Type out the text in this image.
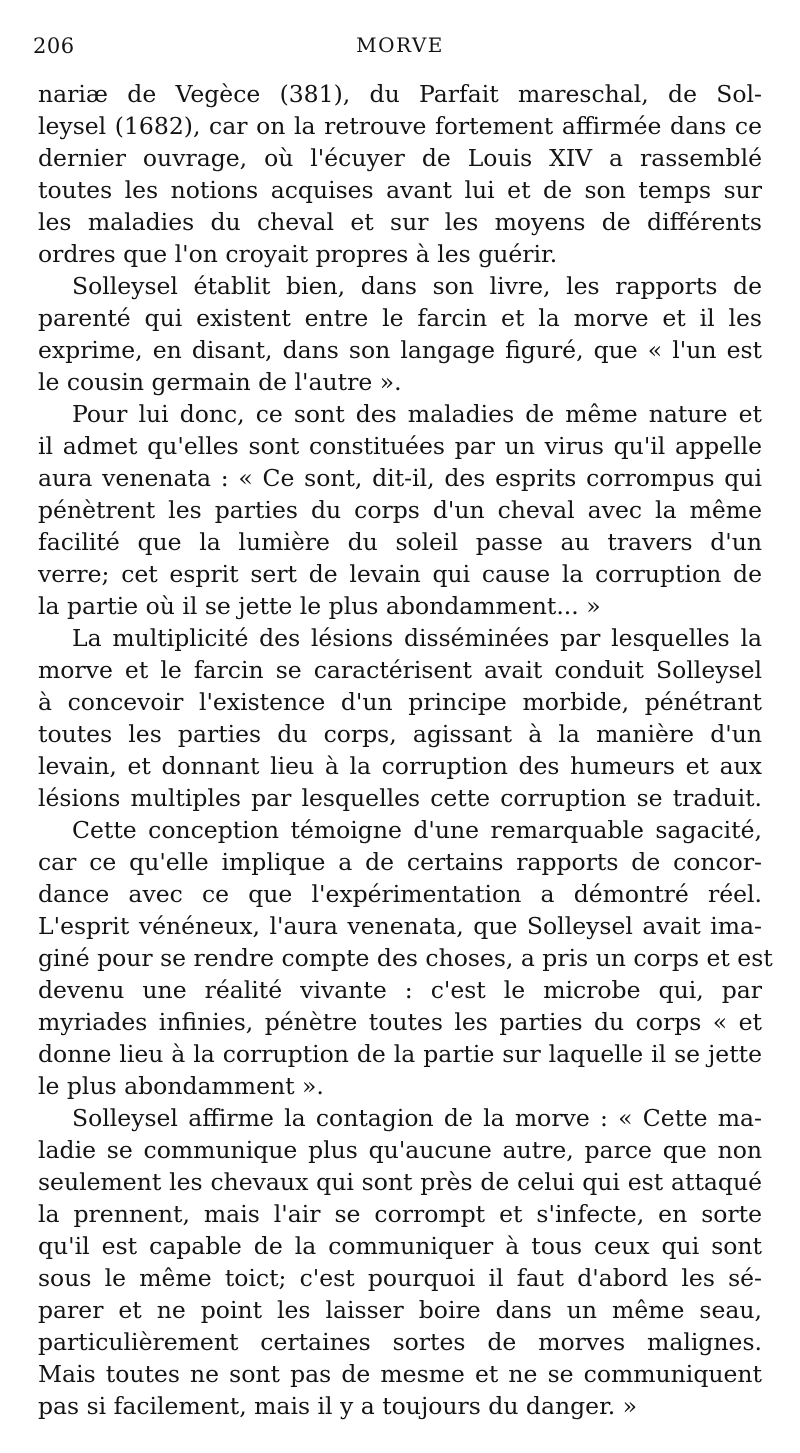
206	MORVE
nariæ de Vegèce (381), du Parfait mareschal, de Sol-
leysel (1682), car on la retrouve fortement affirmée dans ce
dernier ouvrage, où l'écuyer de Louis XIV a rassemblé
toutes les notions acquises avant lui et de son temps sur
les maladies du cheval et sur les moyens de différents
ordres que l'on croyait propres à les guérir.
Solleysel établit bien, dans son livre, les rapports de
parenté qui existent entre le farcin et la morve et il les
exprime, en disant, dans son langage figuré, que « l'un est
le cousin germain de l'autre ».
Pour lui donc, ce sont des maladies de même nature et
il admet qu'elles sont constituées par un virus qu'il appelle
aura venenata : « Ce sont, dit-il, des esprits corrompus qui
pénètrent les parties du corps d'un cheval avec la même
facilité que la lumière du soleil passe au travers d'un
verre; cet esprit sert de levain qui cause la corruption de
la partie où il se jette le plus abondamment... »
La multiplicité des lésions disséminées par lesquelles la
morve et le farcin se caractérisent avait conduit Solleysel
à concevoir l'existence d'un principe morbide, pénétrant
toutes les parties du corps, agissant à la manière d'un
levain, et donnant lieu à la corruption des humeurs et aux
lésions multiples par lesquelles cette corruption se traduit.
Cette conception témoigne d'une remarquable sagacité,
car ce qu'elle implique a de certains rapports de concor-
dance avec ce que l'expérimentation a démontré réel.
L'esprit vénéneux, l'aura venenata, que Solleysel avait ima-
giné pour se rendre compte des choses, a pris un corps et est
devenu une réalité vivante : c'est le microbe qui, par
myriades infinies, pénètre toutes les parties du corps « et
donne lieu à la corruption de la partie sur laquelle il se jette
le plus abondamment ».
Solleysel affirme la contagion de la morve : « Cette ma-
ladie se communique plus qu'aucune autre, parce que non
seulement les chevaux qui sont près de celui qui est attaqué
la prennent, mais l'air se corrompt et s'infecte, en sorte
qu'il est capable de la communiquer à tous ceux qui sont
sous le même toict; c'est pourquoi il faut d'abord les sé-
parer et ne point les laisser boire dans un même seau,
particulièrement certaines sortes de morves malignes.
Mais toutes ne sont pas de mesme et ne se communiquent
pas si facilement, mais il y a toujours du danger. »
